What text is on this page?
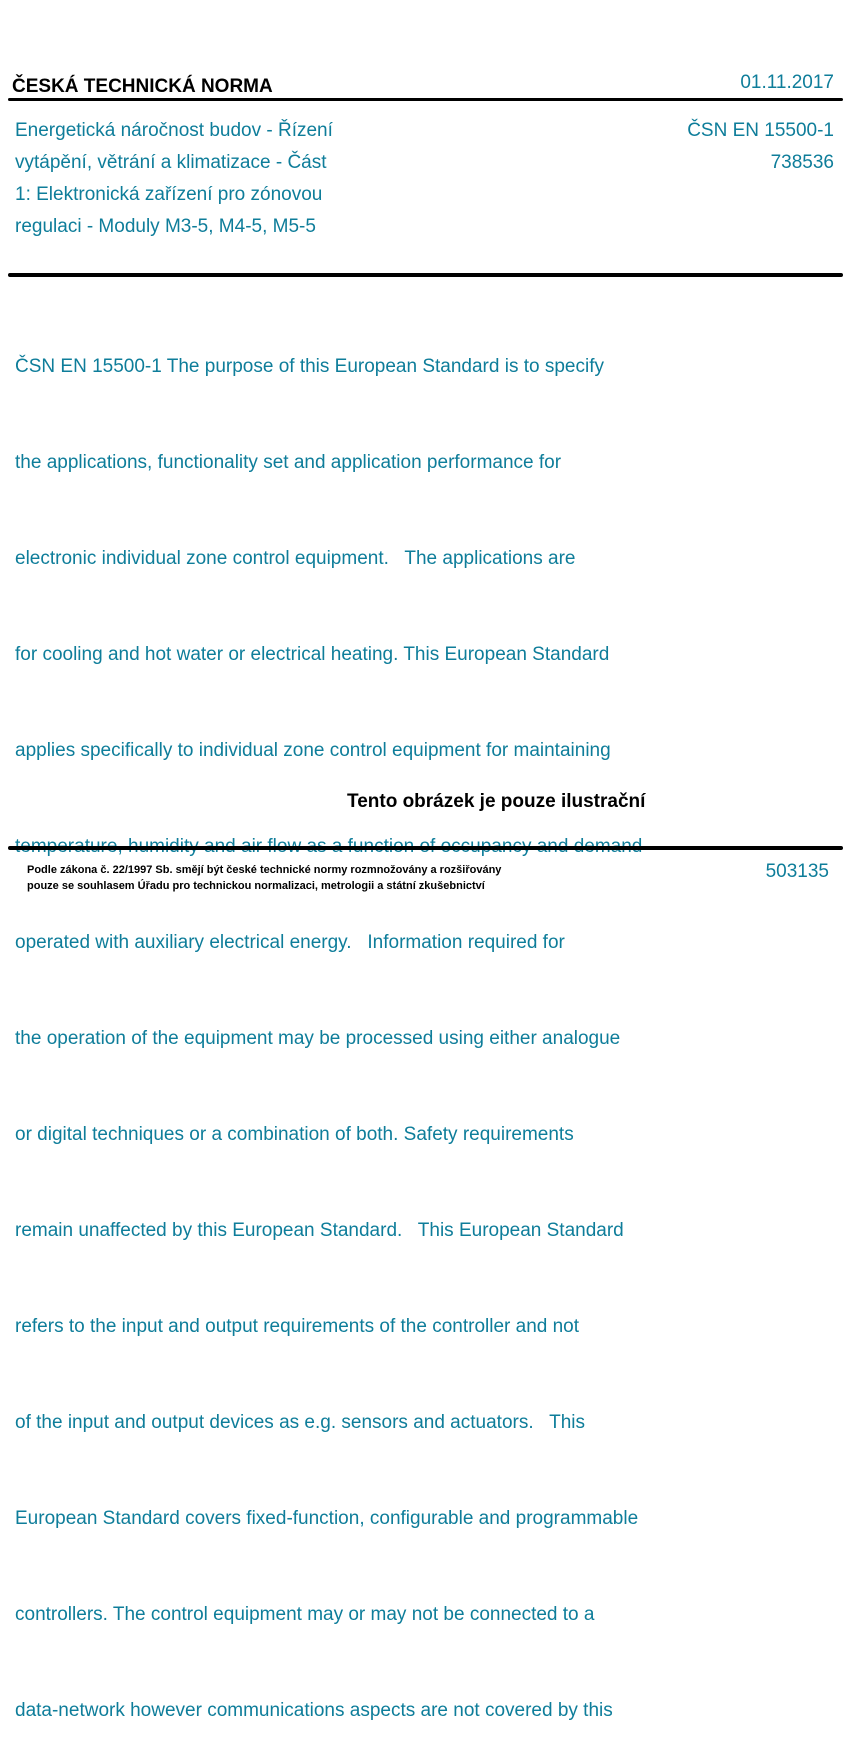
ČESKÁ TECHNICKÁ NORMA	01.11.2017
Energetická náročnost budov - Řízení
vytápění, větrání a klimatizace - Část
1: Elektronická zařízení pro zónovou
regulaci - Moduly M3-5, M4-5, M5-5
ČSN EN 15500-1
738536

ČSN EN 15500-1 The purpose of this European Standard is to specify

the applications, functionality set and application performance for

electronic individual zone control equipment.   The applications are

for cooling and hot water or electrical heating. This European Standard

applies specifically to individual zone control equipment for maintaining

operated with auxiliary electrical energy.   Information required for

the operation of the equipment may be processed using either analogue

or digital techniques or a combination of both. Safety requirements

remain unaffected by this European Standard.   This European Standard

refers to the input and output requirements of the controller and not

of the input and output devices as e.g. sensors and actuators.   This

European Standard covers fixed-function, configurable and programmable

controllers. The control equipment may or may not be connected to a

data-network however communications aspects are not covered by this

Tento obrázek je pouze ilustrační
Podle zákona č. 22/1997 Sb. smějí být české technické normy rozmnožovány a rozšiřovány
pouze se souhlasem Úřadu pro technickou normalizaci, metrologii a státní zkušebnictví
503135
